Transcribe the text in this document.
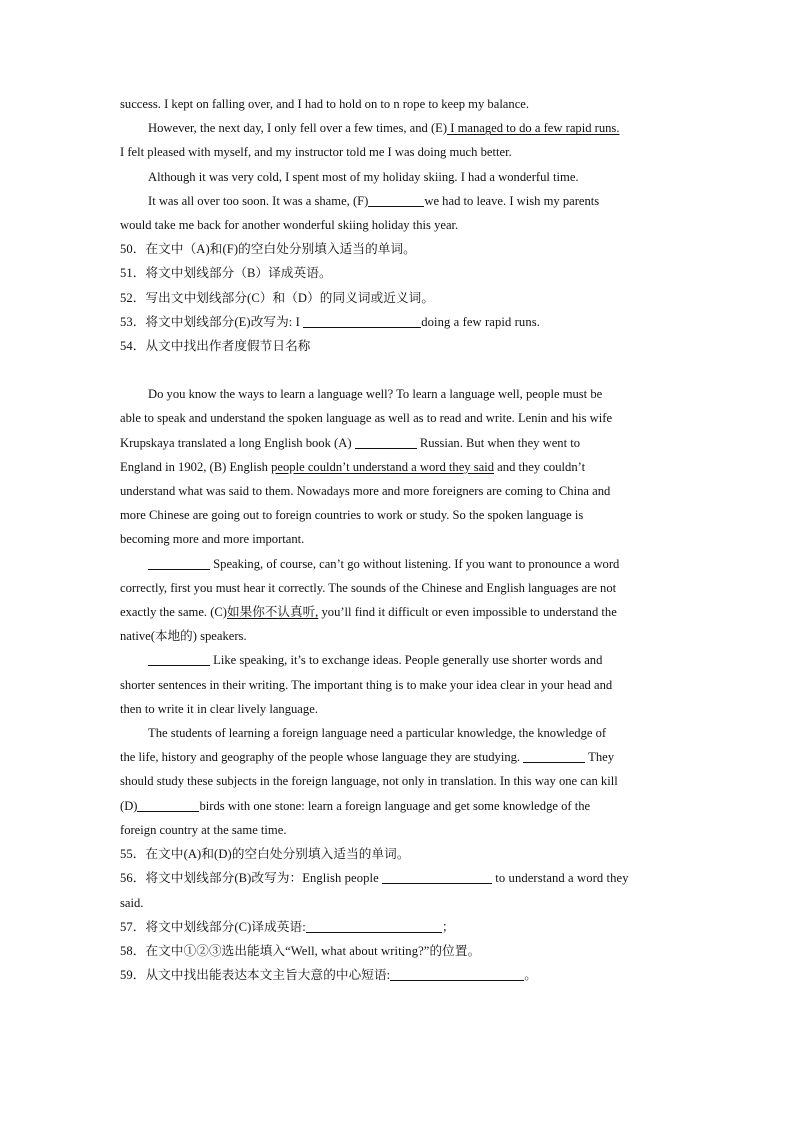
success. I kept on falling over, and I had to hold on to n rope to keep my balance.
However, the next day, I only fell over a few times, and (E) I managed to do a few rapid runs.
I felt pleased with myself, and my instructor told me I was doing much better.
Although it was very cold, I spent most of my holiday skiing. I had a wonderful time.
It was all over too soon. It was a shame, (F)	we had to leave. I wish my parents
would take me back for another wonderful skiing holiday this year.
50．在文中（A)和(F)的空白处分别填入适当的单词。
51．将文中划线部分（B）译成英语。
52．写出文中划线部分(C）和（D）的同义词或近义词。
53．将文中划线部分(E)改写为: I	doing a few rapid runs.
54．从文中找出作者度假节日名称
Do you know the ways to learn a language well? To learn a language well, people must be
able to speak and understand the spoken language as well as to read and write. Lenin and his wife
Krupskaya translated a long English book (A)	Russian. But when they went to
England in 1902, (B) English people couldn’t understand a word they said and they couldn’t
understand what was said to them. Nowadays more and more foreigners are coming to China and
more Chinese are going out to foreign countries to work or study. So the spoken language is
becoming more and more important.
Speaking, of course, can’t go without listening. If you want to pronounce a word
correctly, first you must hear it correctly. The sounds of the Chinese and English languages are not
exactly the same. (C)如果你不认真听, you’ll find it difficult or even impossible to understand the
native(本地的) speakers.
Like speaking, it’s to exchange ideas. People generally use shorter words and
shorter sentences in their writing. The important thing is to make your idea clear in your head and
then to write it in clear lively language.
The students of learning a foreign language need a particular knowledge, the knowledge of
the life, history and geography of the people whose language they are studying.	They
should study these subjects in the foreign language, not only in translation. In this way one can kill
(D)	birds with one stone: learn a foreign language and get some knowledge of the
foreign country at the same time.
55．在文中(A)和(D)的空白处分别填入适当的单词。
56．将文中划线部分(B)改写为：English people	to understand a word they
said.
57．将文中划线部分(C)译成英语:	；
58．在文中①②③选出能填入“Well, what about writing?”的位置。
59．从文中找出能表达本文主旨大意的中心短语:	。
